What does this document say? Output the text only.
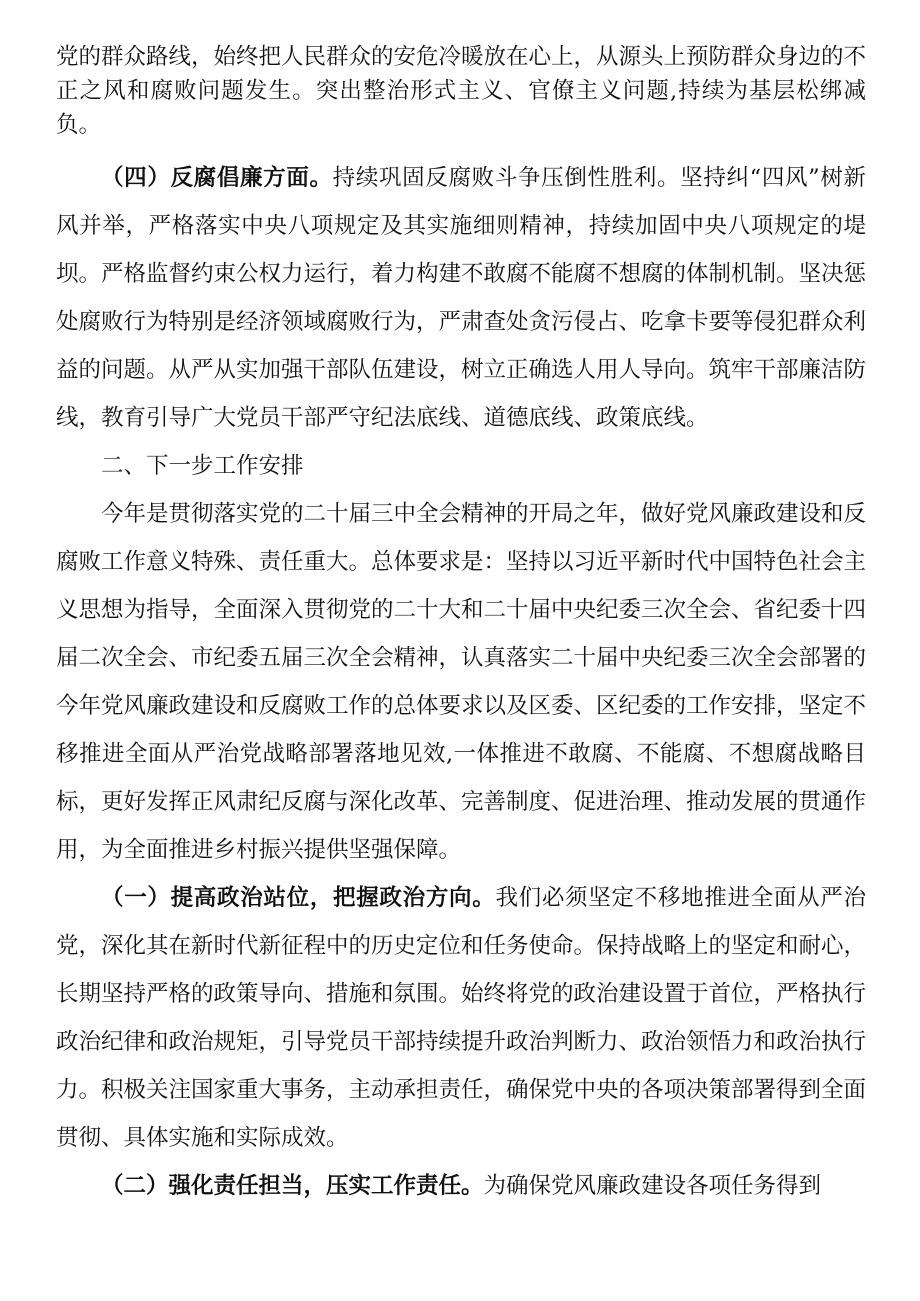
党的群众路线，始终把人民群众的安危冷暖放在心上，从源头上预防群众身边的不正之风和腐败问题发生。突出整治形式主义、官僚主义问题,持续为基层松绑减负。

（四）反腐倡廉方面。持续巩固反腐败斗争压倒性胜利。坚持纠“四风”树新风并举，严格落实中央八项规定及其实施细则精神，持续加固中央八项规定的堤坝。严格监督约束公权力运行，着力构建不敢腐不能腐不想腐的体制机制。坚决惩处腐败行为特别是经济领域腐败行为，严肃查处贪污侵占、吃拿卡要等侵犯群众利益的问题。从严从实加强干部队伍建设，树立正确选人用人导向。筑牢干部廉洁防线，教育引导广大党员干部严守纪法底线、道德底线、政策底线。

二、下一步工作安排

今年是贯彻落实党的二十届三中全会精神的开局之年，做好党风廉政建设和反腐败工作意义特殊、责任重大。总体要求是：坚持以习近平新时代中国特色社会主义思想为指导，全面深入贯彻党的二十大和二十届中央纪委三次全会、省纪委十四届二次全会、市纪委五届三次全会精神，认真落实二十届中央纪委三次全会部署的今年党风廉政建设和反腐败工作的总体要求以及区委、区纪委的工作安排，坚定不移推进全面从严治党战略部署落地见效,一体推进不敢腐、不能腐、不想腐战略目标，更好发挥正风肃纪反腐与深化改革、完善制度、促进治理、推动发展的贯通作用，为全面推进乡村振兴提供坚强保障。

（一）提高政治站位，把握政治方向。我们必须坚定不移地推进全面从严治党，深化其在新时代新征程中的历史定位和任务使命。保持战略上的坚定和耐心，长期坚持严格的政策导向、措施和氛围。始终将党的政治建设置于首位，严格执行政治纪律和政治规矩，引导党员干部持续提升政治判断力、政治领悟力和政治执行力。积极关注国家重大事务，主动承担责任，确保党中央的各项决策部署得到全面贯彻、具体实施和实际成效。

（二）强化责任担当，压实工作责任。为确保党风廉政建设各项任务得到
